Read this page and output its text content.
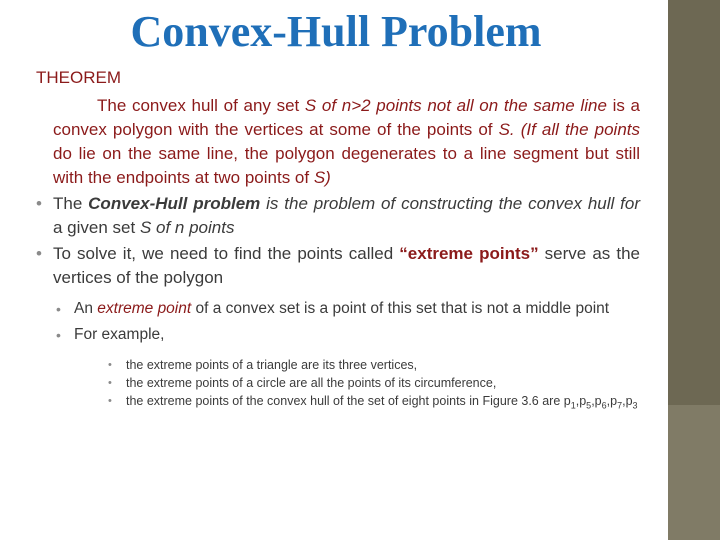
Convex-Hull Problem
THEOREM
The convex hull of any set S of n>2 points not all on the same line is a convex polygon with the vertices at some of the points of S. (If all the points do lie on the same line, the polygon degenerates to a line segment but still with the endpoints at two points of S)
• The Convex-Hull problem is the problem of constructing the convex hull for a given set S of n points
• To solve it, we need to find the points called “extreme points” serve as the vertices of the polygon
• An extreme point of a convex set is a point of this set that is not a middle point
• For example,
• the extreme points of a triangle are its three vertices,
• the extreme points of a circle are all the points of its circumference,
• the extreme points of the convex hull of the set of eight points in Figure 3.6 are $p_1,p_5,p_6,p_7,p_3$
